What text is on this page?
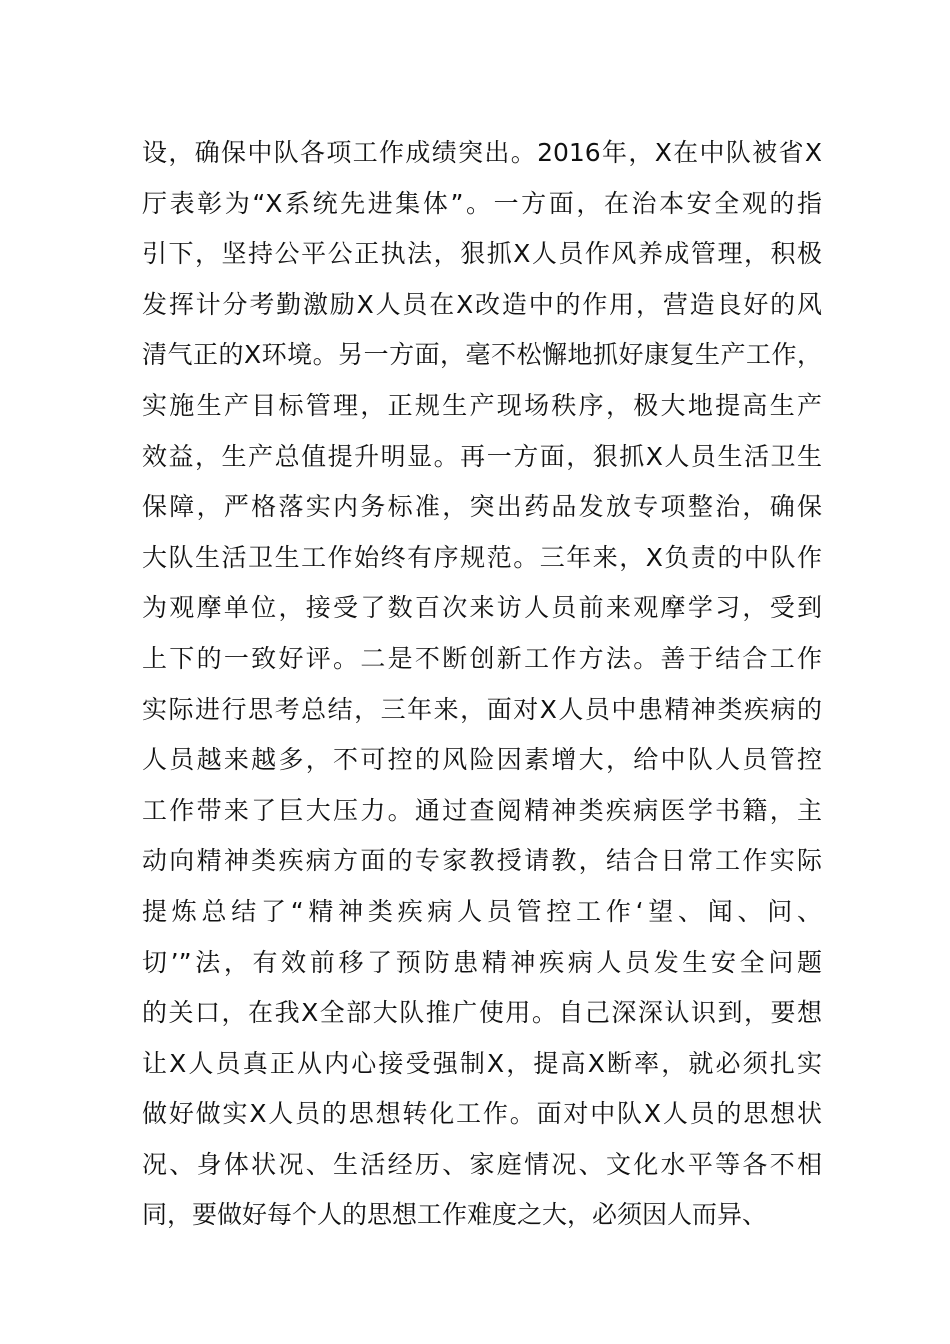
设，确保中队各项工作成绩突出。2016年，X在中队被省X
厅表彰为“X系统先进集体”。一方面，在治本安全观的指
引下，坚持公平公正执法，狠抓X人员作风养成管理，积极
发挥计分考勤激励X人员在X改造中的作用，营造良好的风
清气正的X环境。另一方面，毫不松懈地抓好康复生产工作，
实施生产目标管理，正规生产现场秩序，极大地提高生产
效益，生产总值提升明显。再一方面，狠抓X人员生活卫生
保障，严格落实内务标准，突出药品发放专项整治，确保
大队生活卫生工作始终有序规范。三年来，X负责的中队作
为观摩单位，接受了数百次来访人员前来观摩学习，受到
上下的一致好评。二是不断创新工作方法。善于结合工作
实际进行思考总结，三年来，面对X人员中患精神类疾病的
人员越来越多，不可控的风险因素增大，给中队人员管控
工作带来了巨大压力。通过查阅精神类疾病医学书籍，主
动向精神类疾病方面的专家教授请教，结合日常工作实际
提炼总结了“精神类疾病人员管控工作‘望、闻、问、
切’”法，有效前移了预防患精神疾病人员发生安全问题
的关口，在我X全部大队推广使用。自己深深认识到，要想
让X人员真正从内心接受强制X，提高X断率，就必须扎实
做好做实X人员的思想转化工作。面对中队X人员的思想状
况、身体状况、生活经历、家庭情况、文化水平等各不相
同，要做好每个人的思想工作难度之大，必须因人而异、
